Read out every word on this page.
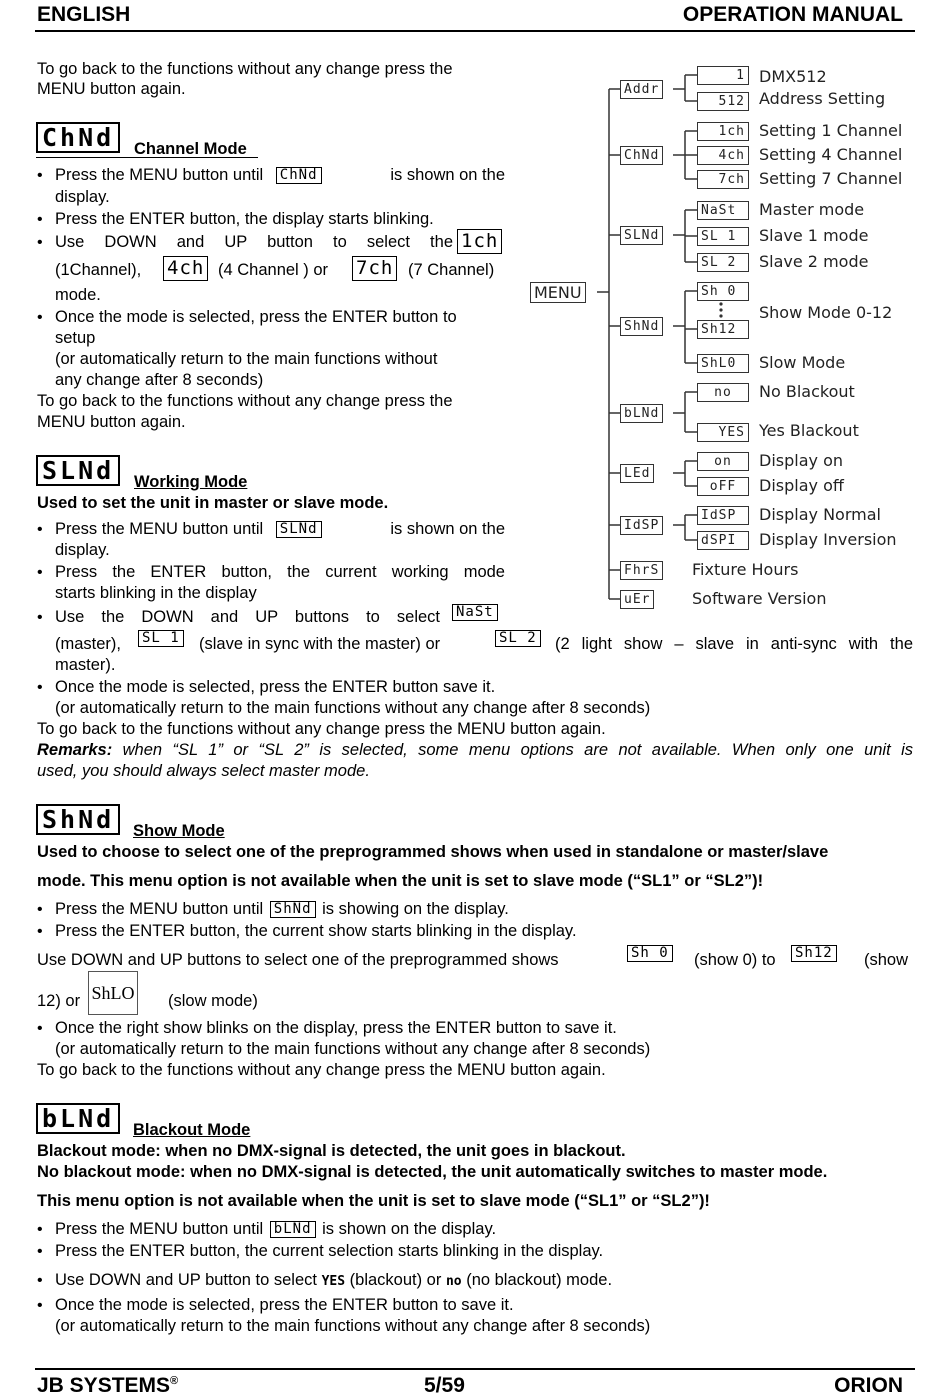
ENGLISH	OPERATION MANUAL
To go back to the functions without any change press the
MENU button again.
ChNd	Channel Mode
• Press the MENU button until ChNd	is shown on the
display.
• Press the ENTER button, the display starts blinking.
• Use DOWN and UP button to select the 1ch
(1Channel), 4ch (4 Channel ) or 7ch (7 Channel)
mode.
• Once the mode is selected, press the ENTER button to
setup
(or automatically return to the main functions without
any change after 8 seconds)
To go back to the functions without any change press the
MENU button again.
SLNd	Working Mode
Used to set the unit in master or slave mode.
• Press the MENU button until SLNd	is shown on the
display.
• Press the ENTER button, the current working mode
starts blinking in the display
• Use the DOWN and UP buttons to select NaSt
(master), SL 1 (slave in sync with the master) or	SL 2 (2 light show – slave in anti-sync with the
master).
• Once the mode is selected, press the ENTER button save it.
(or automatically return to the main functions without any change after 8 seconds)
To go back to the functions without any change press the MENU button again.
Remarks: when “SL 1” or “SL 2” is selected, some menu options are not available. When only one unit is
used, you should always select master mode.
ShNd	Show Mode
Used to choose to select one of the preprogrammed shows when used in standalone or master/slave
mode. This menu option is not available when the unit is set to slave mode (“SL1” or “SL2”)!
• Press the MENU button until ShNd is showing on the display.
• Press the ENTER button, the current show starts blinking in the display.
Use DOWN and UP buttons to select one of the preprogrammed shows	Sh 0 (show 0) to Sh12 (show
12) or ShLO (slow mode)
• Once the right show blinks on the display, press the ENTER button to save it.
(or automatically return to the main functions without any change after 8 seconds)
To go back to the functions without any change press the MENU button again.
bLNd	Blackout Mode
Blackout mode: when no DMX-signal is detected, the unit goes in blackout.
No blackout mode: when no DMX-signal is detected, the unit automatically switches to master mode.
This menu option is not available when the unit is set to slave mode (“SL1” or “SL2”)!
• Press the MENU button until bLNd is shown on the display.
• Press the ENTER button, the current selection starts blinking in the display.
• Use DOWN and UP button to select YES (blackout) or no (no blackout) mode.
• Once the mode is selected, press the ENTER button to save it.
(or automatically return to the main functions without any change after 8 seconds)
JB SYSTEMS®	5/59	ORION
MENU
Addr
ChNd
SLNd
ShNd
bLNd
LEd
IdSP
FhrS
uEr
1
512
DMX512
Address Setting
1ch
4ch
7ch
Setting 1 Channel
Setting 4 Channel
Setting 7 Channel
NaSt
SL 1
SL 2
Master mode
Slave 1 mode
Slave 2 mode
Sh 0
Sh12
ShL0
Show Mode 0-12
Slow Mode
no
YES
No Blackout
Yes Blackout
on
oFF
Display on
Display off
IdSP
dSPI
Display Normal
Display Inversion
Fixture Hours
Software Version
